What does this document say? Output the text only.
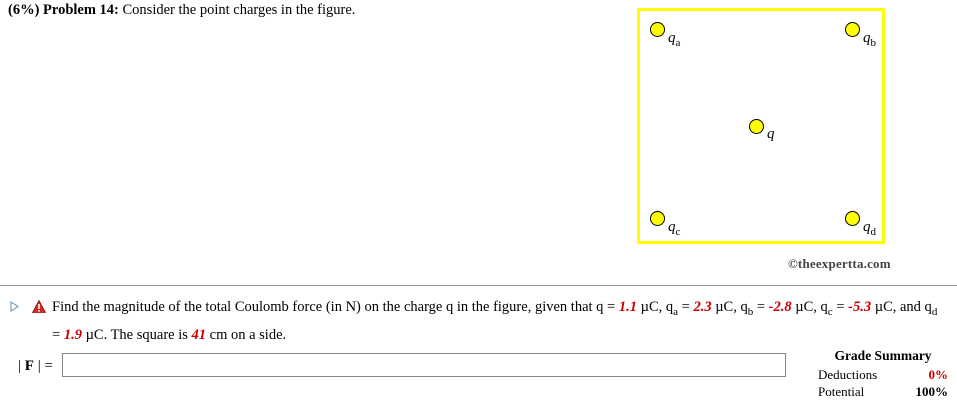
(6%) Problem 14: Consider the point charges in the figure.
$q_a$	$q_b$
q
$q_c$	$q_d$
©theexpertta.com
Find the magnitude of the total Coulomb force (in N) on the charge q in the figure, given that q = 1.1 µC, $q_a = 2.3$ µC, $q_b = -2.8$ µC, $q_c = -5.3$ µC, and $q_d = 1.9$ µC. The square is 41 cm on a side.
| F | =
Grade Summary
Deductions	0%
Potential	100%
